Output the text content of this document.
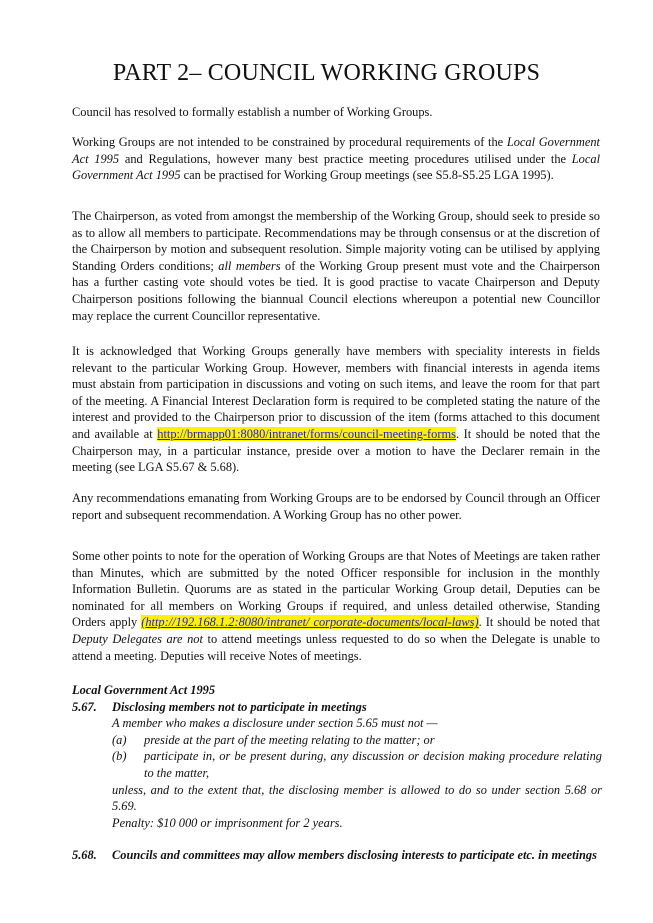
PART 2– COUNCIL WORKING GROUPS
Council has resolved to formally establish a number of Working Groups.
Working Groups are not intended to be constrained by procedural requirements of the Local Government Act 1995 and Regulations, however many best practice meeting procedures utilised under the Local Government Act 1995 can be practised for Working Group meetings (see S5.8-S5.25 LGA 1995).
The Chairperson, as voted from amongst the membership of the Working Group, should seek to preside so as to allow all members to participate. Recommendations may be through consensus or at the discretion of the Chairperson by motion and subsequent resolution. Simple majority voting can be utilised by applying Standing Orders conditions; all members of the Working Group present must vote and the Chairperson has a further casting vote should votes be tied. It is good practise to vacate Chairperson and Deputy Chairperson positions following the biannual Council elections whereupon a potential new Councillor may replace the current Councillor representative.
It is acknowledged that Working Groups generally have members with speciality interests in fields relevant to the particular Working Group. However, members with financial interests in agenda items must abstain from participation in discussions and voting on such items, and leave the room for that part of the meeting. A Financial Interest Declaration form is required to be completed stating the nature of the interest and provided to the Chairperson prior to discussion of the item (forms attached to this document and available at http://brmapp01:8080/intranet/forms/council-meeting-forms. It should be noted that the Chairperson may, in a particular instance, preside over a motion to have the Declarer remain in the meeting (see LGA S5.67 & 5.68).
Any recommendations emanating from Working Groups are to be endorsed by Council through an Officer report and subsequent recommendation. A Working Group has no other power.
Some other points to note for the operation of Working Groups are that Notes of Meetings are taken rather than Minutes, which are submitted by the noted Officer responsible for inclusion in the monthly Information Bulletin. Quorums are as stated in the particular Working Group detail, Deputies can be nominated for all members on Working Groups if required, and unless detailed otherwise, Standing Orders apply (http://192.168.1.2:8080/intranet/ corporate-documents/local-laws). It should be noted that Deputy Delegates are not to attend meetings unless requested to do so when the Delegate is unable to attend a meeting. Deputies will receive Notes of meetings.
Local Government Act 1995
5.67. Disclosing members not to participate in meetings
A member who makes a disclosure under section 5.65 must not —
(a)	preside at the part of the meeting relating to the matter; or
(b)	participate in, or be present during, any discussion or decision making procedure relating to the matter,
unless, and to the extent that, the disclosing member is allowed to do so under section 5.68 or 5.69.
Penalty: $10 000 or imprisonment for 2 years.
5.68. Councils and committees may allow members disclosing interests to participate etc. in meetings
